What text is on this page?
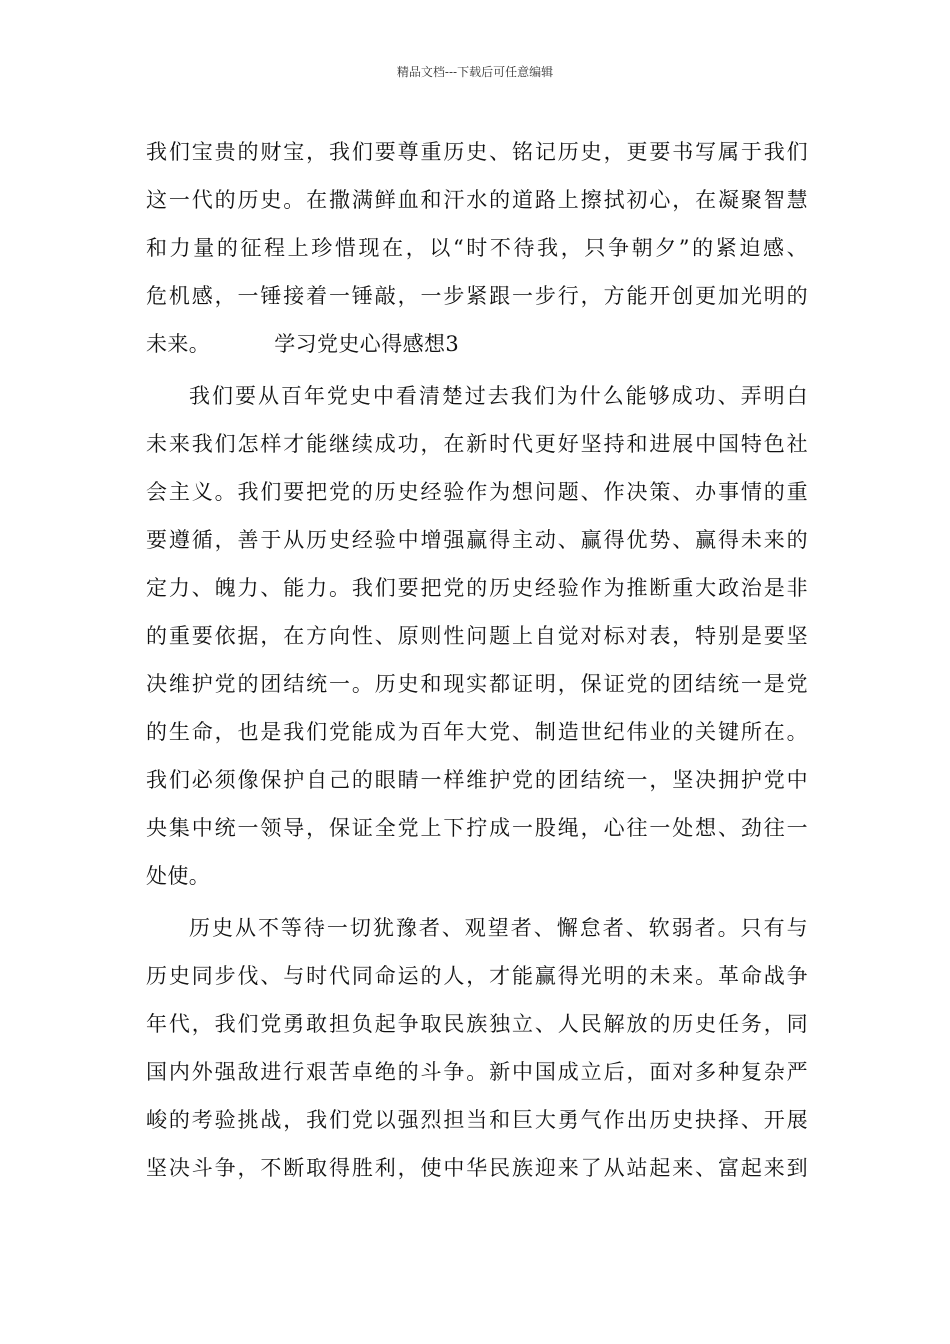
精品文档---下载后可任意编辑
我们宝贵的财宝，我们要尊重历史、铭记历史，更要书写属于我们
这一代的历史。在撒满鲜血和汗水的道路上擦拭初心，在凝聚智慧
和力量的征程上珍惜现在，以“时不待我，只争朝夕”的紧迫感、
危机感，一锤接着一锤敲，一步紧跟一步行，方能开创更加光明的
未来。	学习党史心得感想3
我们要从百年党史中看清楚过去我们为什么能够成功、弄明白
未来我们怎样才能继续成功，在新时代更好坚持和进展中国特色社
会主义。我们要把党的历史经验作为想问题、作决策、办事情的重
要遵循，善于从历史经验中增强赢得主动、赢得优势、赢得未来的
定力、魄力、能力。我们要把党的历史经验作为推断重大政治是非
的重要依据，在方向性、原则性问题上自觉对标对表，特别是要坚
决维护党的团结统一。历史和现实都证明，保证党的团结统一是党
的生命，也是我们党能成为百年大党、制造世纪伟业的关键所在。
我们必须像保护自己的眼睛一样维护党的团结统一，坚决拥护党中
央集中统一领导，保证全党上下拧成一股绳，心往一处想、劲往一
处使。
历史从不等待一切犹豫者、观望者、懈怠者、软弱者。只有与
历史同步伐、与时代同命运的人，才能赢得光明的未来。革命战争
年代，我们党勇敢担负起争取民族独立、人民解放的历史任务，同
国内外强敌进行艰苦卓绝的斗争。新中国成立后，面对多种复杂严
峻的考验挑战，我们党以强烈担当和巨大勇气作出历史抉择、开展
坚决斗争，不断取得胜利，使中华民族迎来了从站起来、富起来到
